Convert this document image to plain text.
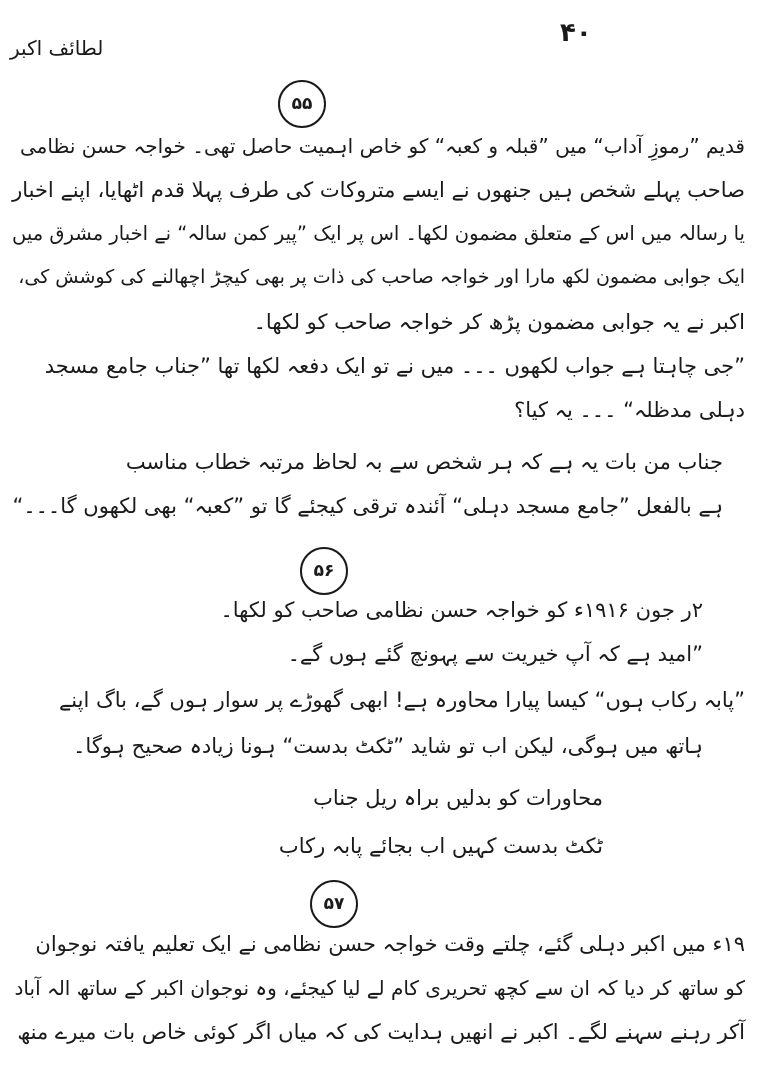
لطائف اکبر	۴۰
۵۵
قدیم ”رموزِ آداب“ میں ”قبلہ و کعبہ“ کو خاص اہمیت حاصل تھی۔ خواجہ حسن نظامی
صاحب پہلے شخص ہیں جنھوں نے ایسے متروکات کی طرف پہلا قدم اٹھایا، اپنے اخبار
یا رسالہ میں اس کے متعلق مضمون لکھا۔ اس پر ایک ”پیر کمن سالہ“ نے اخبار مشرق میں
ایک جوابی مضمون لکھ مارا اور خواجہ صاحب کی ذات پر بھی کیچڑ اچھالنے کی کوشش کی،
اکبر نے یہ جوابی مضمون پڑھ کر خواجہ صاحب کو لکھا۔
”جی چاہتا ہے جواب لکھوں ۔۔۔ میں نے تو ایک دفعہ لکھا تھا ”جناب جامع مسجد
دہلی مدظلہ“ ۔۔۔ یہ کیا؟
جناب من بات یہ ہے کہ ہر شخص سے بہ لحاظ مرتبہ خطاب مناسب
ہے بالفعل ”جامع مسجد دہلی“ آئندہ ترقی کیجئے گا تو ”کعبہ“ بھی لکھوں گا۔۔۔“
۵۶
۲ر جون ۱۹۱۶ء کو خواجہ حسن نظامی صاحب کو لکھا۔
”امید ہے کہ آپ خیریت سے پہونچ گئے ہوں گے۔
”پابہ رکاب ہوں“ کیسا پیارا محاورہ ہے! ابھی گھوڑے پر سوار ہوں گے، باگ اپنے
ہاتھ میں ہوگی، لیکن اب تو شاید ”ٹکٹ بدست“ ہونا زیادہ صحیح ہوگا۔
محاورات کو بدلیں براہ ریل جناب
ٹکٹ بدست کہیں اب بجائے پابہ رکاب
۵۷
۱۹ء میں اکبر دہلی گئے، چلتے وقت خواجہ حسن نظامی نے ایک تعلیم یافتہ نوجوان
کو ساتھ کر دیا کہ ان سے کچھ تحریری کام لے لیا کیجئے، وہ نوجوان اکبر کے ساتھ الہ آباد
آکر رہنے سہنے لگے۔ اکبر نے انھیں ہدایت کی کہ میاں اگر کوئی خاص بات میرے منھ
